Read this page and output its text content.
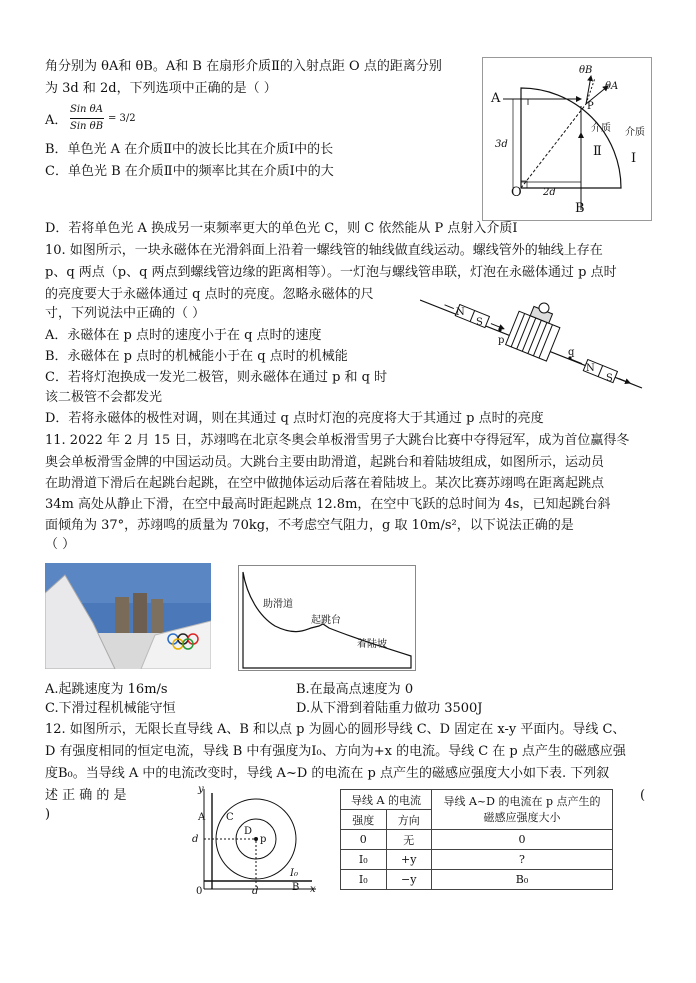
角分别为 θA和 θB。A和 B 在扇形介质Ⅱ的入射点距 O 点的距离分别
为 3d 和 2d，下列选项中正确的是（ ）
A．
Sin θA
Sin θB
= 3/2
B．单色光 A 在介质Ⅱ中的波长比其在介质Ⅰ中的长
C．单色光 B 在介质Ⅱ中的频率比其在介质Ⅰ中的大
D．若将单色光 A 换成另一束频率更大的单色光 C，则 C 依然能从 P 点射入介质Ⅰ
A
P
O
B
3d
2d
θB
θA
介质
Ⅱ
介质
Ⅰ
10. 如图所示，一块永磁体在光滑斜面上沿着一螺线管的轴线做直线运动。螺线管外的轴线上存在
p、q 两点（p、q 两点到螺线管边缘的距离相等）。一灯泡与螺线管串联，灯泡在永磁体通过 p 点时
的亮度要大于永磁体通过 q 点时的亮度。忽略永磁体的尺
寸，下列说法中正确的（ ）
A．永磁体在 p 点时的速度小于在 q 点时的速度
B．永磁体在 p 点时的机械能小于在 q 点时的机械能
C．若将灯泡换成一发光二极管，则永磁体在通过 p 和 q 时
该二极管不会都发光
D．若将永磁体的极性对调，则在其通过 q 点时灯泡的亮度将大于其通过 p 点时的亮度
N
S
p
q
N
S
11. 2022 年 2 月 15 日，苏翊鸣在北京冬奥会单板滑雪男子大跳台比赛中夺得冠军，成为首位赢得冬
奥会单板滑雪金牌的中国运动员。大跳台主要由助滑道，起跳台和着陆坡组成，如图所示，运动员
在助滑道下滑后在起跳台起跳，在空中做抛体运动后落在着陆坡上。某次比赛苏翊鸣在距离起跳点
34m 高处从静止下滑，在空中最高时距起跳点 12.8m，在空中飞跃的总时间为 4s，已知起跳台斜
面倾角为 37°，苏翊鸣的质量为 70kg，不考虑空气阻力，g 取 10m/s²，以下说法正确的是
（ ）
助滑道
起跳台
着陆坡
A.起跳速度为 16m/s	B.在最高点速度为 0
C.下滑过程机械能守恒	D.从下滑到着陆重力做功 3500J
12. 如图所示，无限长直导线 A、B 和以点 p 为圆心的圆形导线 C、D 固定在 x-y 平面内。导线 C、
D 有强度相同的恒定电流，导线 B 中有强度为I₀、方向为+x 的电流。导线 C 在 p 点产生的磁感应强
度B₀。当导线 A 中的电流改变时，导线 A~D 的电流在 p 点产生的磁感应强度大小如下表. 下列叙
述 正 确 的 是	(
)
y
A C
D
p
d
0	d
I₀
B x
导线 A 的电流		导线 A~D 的电流在 p 点产生的
磁感应强度大小

强度	方向	
0	无	0
I₀	+y	?
I₀	−y	B₀
